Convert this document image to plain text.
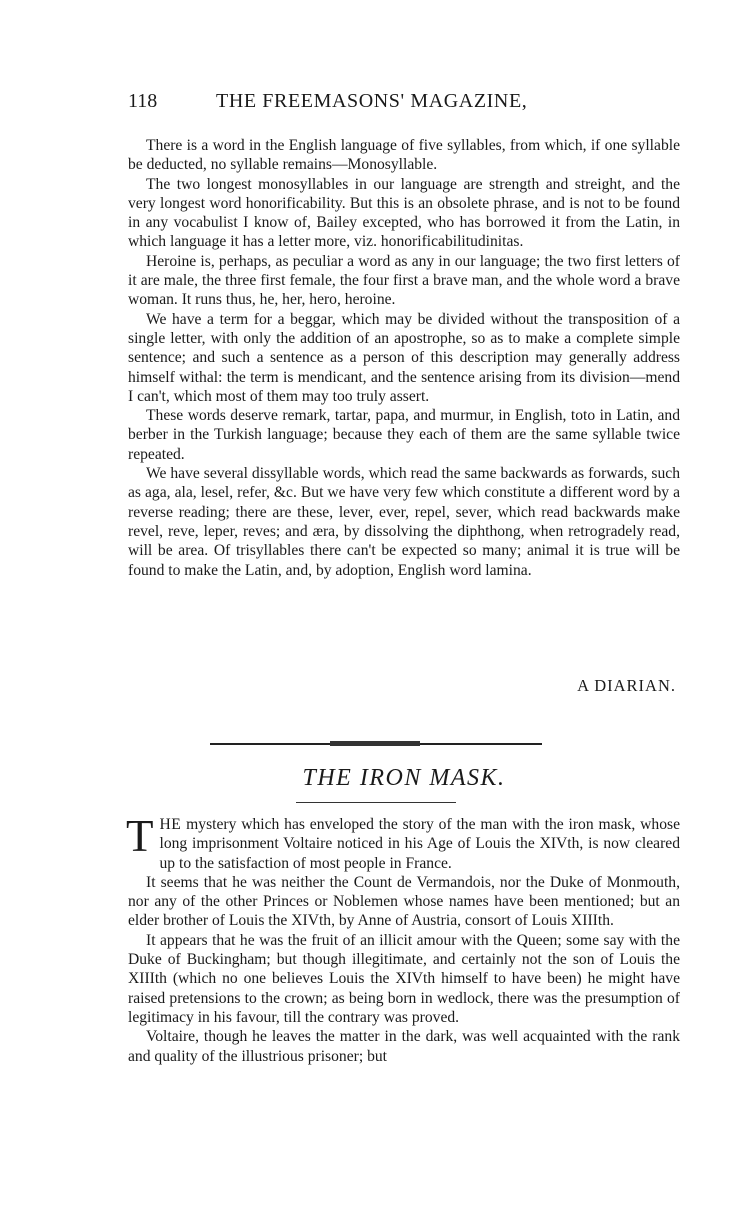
118	THE FREEMASONS' MAGAZINE,

There is a word in the English language of five syllables, from which, if one syllable be deducted, no syllable remains—Monosyllable.

The two longest monosyllables in our language are strength and streight, and the very longest word honorificability. But this is an obsolete phrase, and is not to be found in any vocabulist I know of, Bailey excepted, who has borrowed it from the Latin, in which language it has a letter more, viz. honorificabilitudinitas.

Heroine is, perhaps, as peculiar a word as any in our language; the two first letters of it are male, the three first female, the four first a brave man, and the whole word a brave woman. It runs thus, he, her, hero, heroine.

We have a term for a beggar, which may be divided without the transposition of a single letter, with only the addition of an apostrophe, so as to make a complete simple sentence; and such a sentence as a person of this description may generally address himself withal: the term is mendicant, and the sentence arising from its division—mend I can't, which most of them may too truly assert.

These words deserve remark, tartar, papa, and murmur, in English, toto in Latin, and berber in the Turkish language; because they each of them are the same syllable twice repeated.

We have several dissyllable words, which read the same backwards as forwards, such as aga, ala, lesel, refer, &c. But we have very few which constitute a different word by a reverse reading; there are these, lever, ever, repel, sever, which read backwards make revel, reve, leper, reves; and æra, by dissolving the diphthong, when retrogradely read, will be area. Of trisyllables there can't be expected so many; animal it is true will be found to make the Latin, and, by adoption, English word lamina.

A DIARIAN.
THE IRON MASK.

THE mystery which has enveloped the story of the man with the iron mask, whose long imprisonment Voltaire noticed in his Age of Louis the XIVth, is now cleared up to the satisfaction of most people in France.

It seems that he was neither the Count de Vermandois, nor the Duke of Monmouth, nor any of the other Princes or Noblemen whose names have been mentioned; but an elder brother of Louis the XIVth, by Anne of Austria, consort of Louis XIIIth.

It appears that he was the fruit of an illicit amour with the Queen; some say with the Duke of Buckingham; but though illegitimate, and certainly not the son of Louis the XIIIth (which no one believes Louis the XIVth himself to have been) he might have raised pretensions to the crown; as being born in wedlock, there was the presumption of legitimacy in his favour, till the contrary was proved.

Voltaire, though he leaves the matter in the dark, was well acquainted with the rank and quality of the illustrious prisoner; but
